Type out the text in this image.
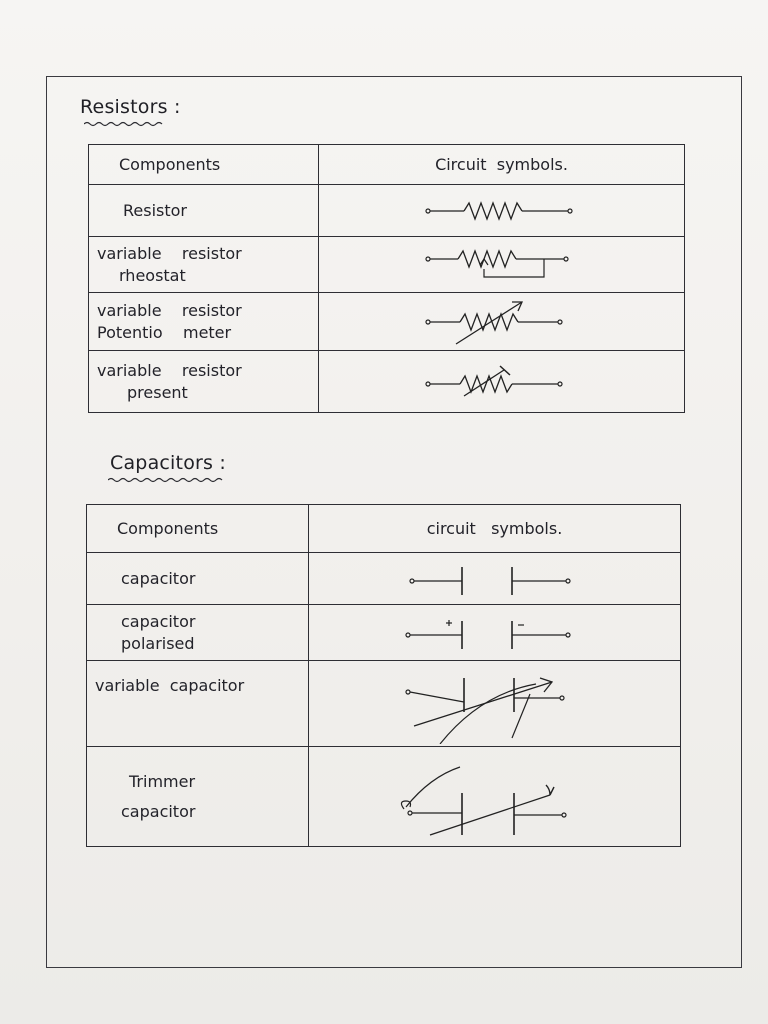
Resistors :
Components	Circuit  symbols.
Resistor	

variable    resistor
rheostat

variable    resistor
Potentio    meter

variable    resistor
present

Capacitors :
Components	circuit   symbols.
capacitor	

capacitor
polarised

variable  capacitor	

Trimmer
capacitor
